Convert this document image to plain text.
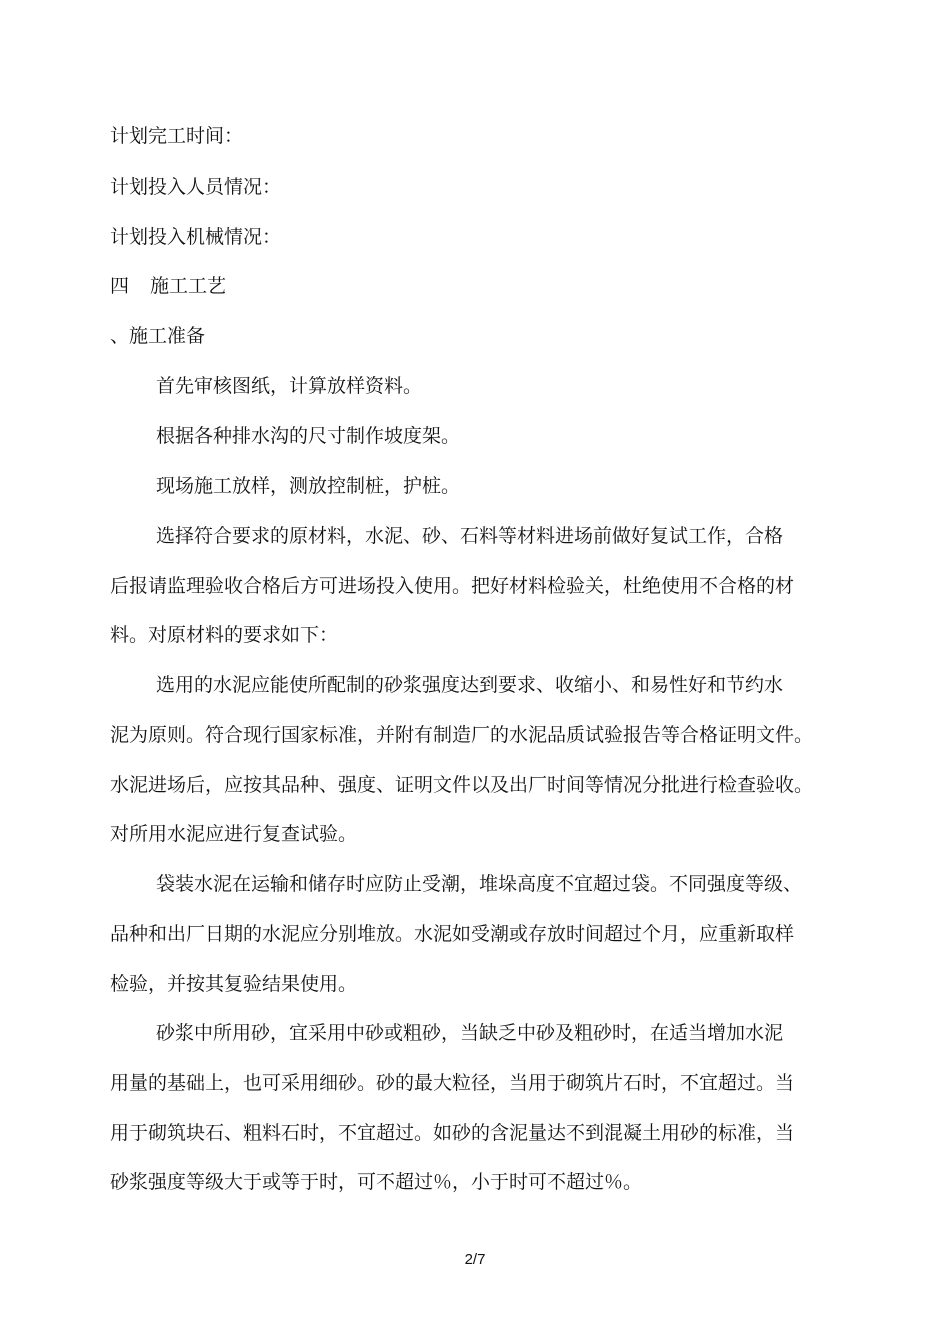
计划完工时间：
计划投入人员情况：
计划投入机械情况：
四 施工工艺
、施工准备
首先审核图纸，计算放样资料。
根据各种排水沟的尺寸制作坡度架。
现场施工放样，测放控制桩，护桩。
选择符合要求的原材料，水泥、砂、石料等材料进场前做好复试工作，合格
后报请监理验收合格后方可进场投入使用。把好材料检验关，杜绝使用不合格的材
料。对原材料的要求如下：
选用的水泥应能使所配制的砂浆强度达到要求、收缩小、和易性好和节约水
泥为原则。符合现行国家标准，并附有制造厂的水泥品质试验报告等合格证明文件。
水泥进场后，应按其品种、强度、证明文件以及出厂时间等情况分批进行检查验收。
对所用水泥应进行复查试验。
袋装水泥在运输和储存时应防止受潮，堆垛高度不宜超过袋。不同强度等级、
品种和出厂日期的水泥应分别堆放。水泥如受潮或存放时间超过个月，应重新取样
检验，并按其复验结果使用。
砂浆中所用砂，宜采用中砂或粗砂，当缺乏中砂及粗砂时，在适当增加水泥
用量的基础上，也可采用细砂。砂的最大粒径，当用于砌筑片石时，不宜超过。当
用于砌筑块石、粗料石时，不宜超过。如砂的含泥量达不到混凝土用砂的标准，当
砂浆强度等级大于或等于时，可不超过％，小于时可不超过％。
2/7
